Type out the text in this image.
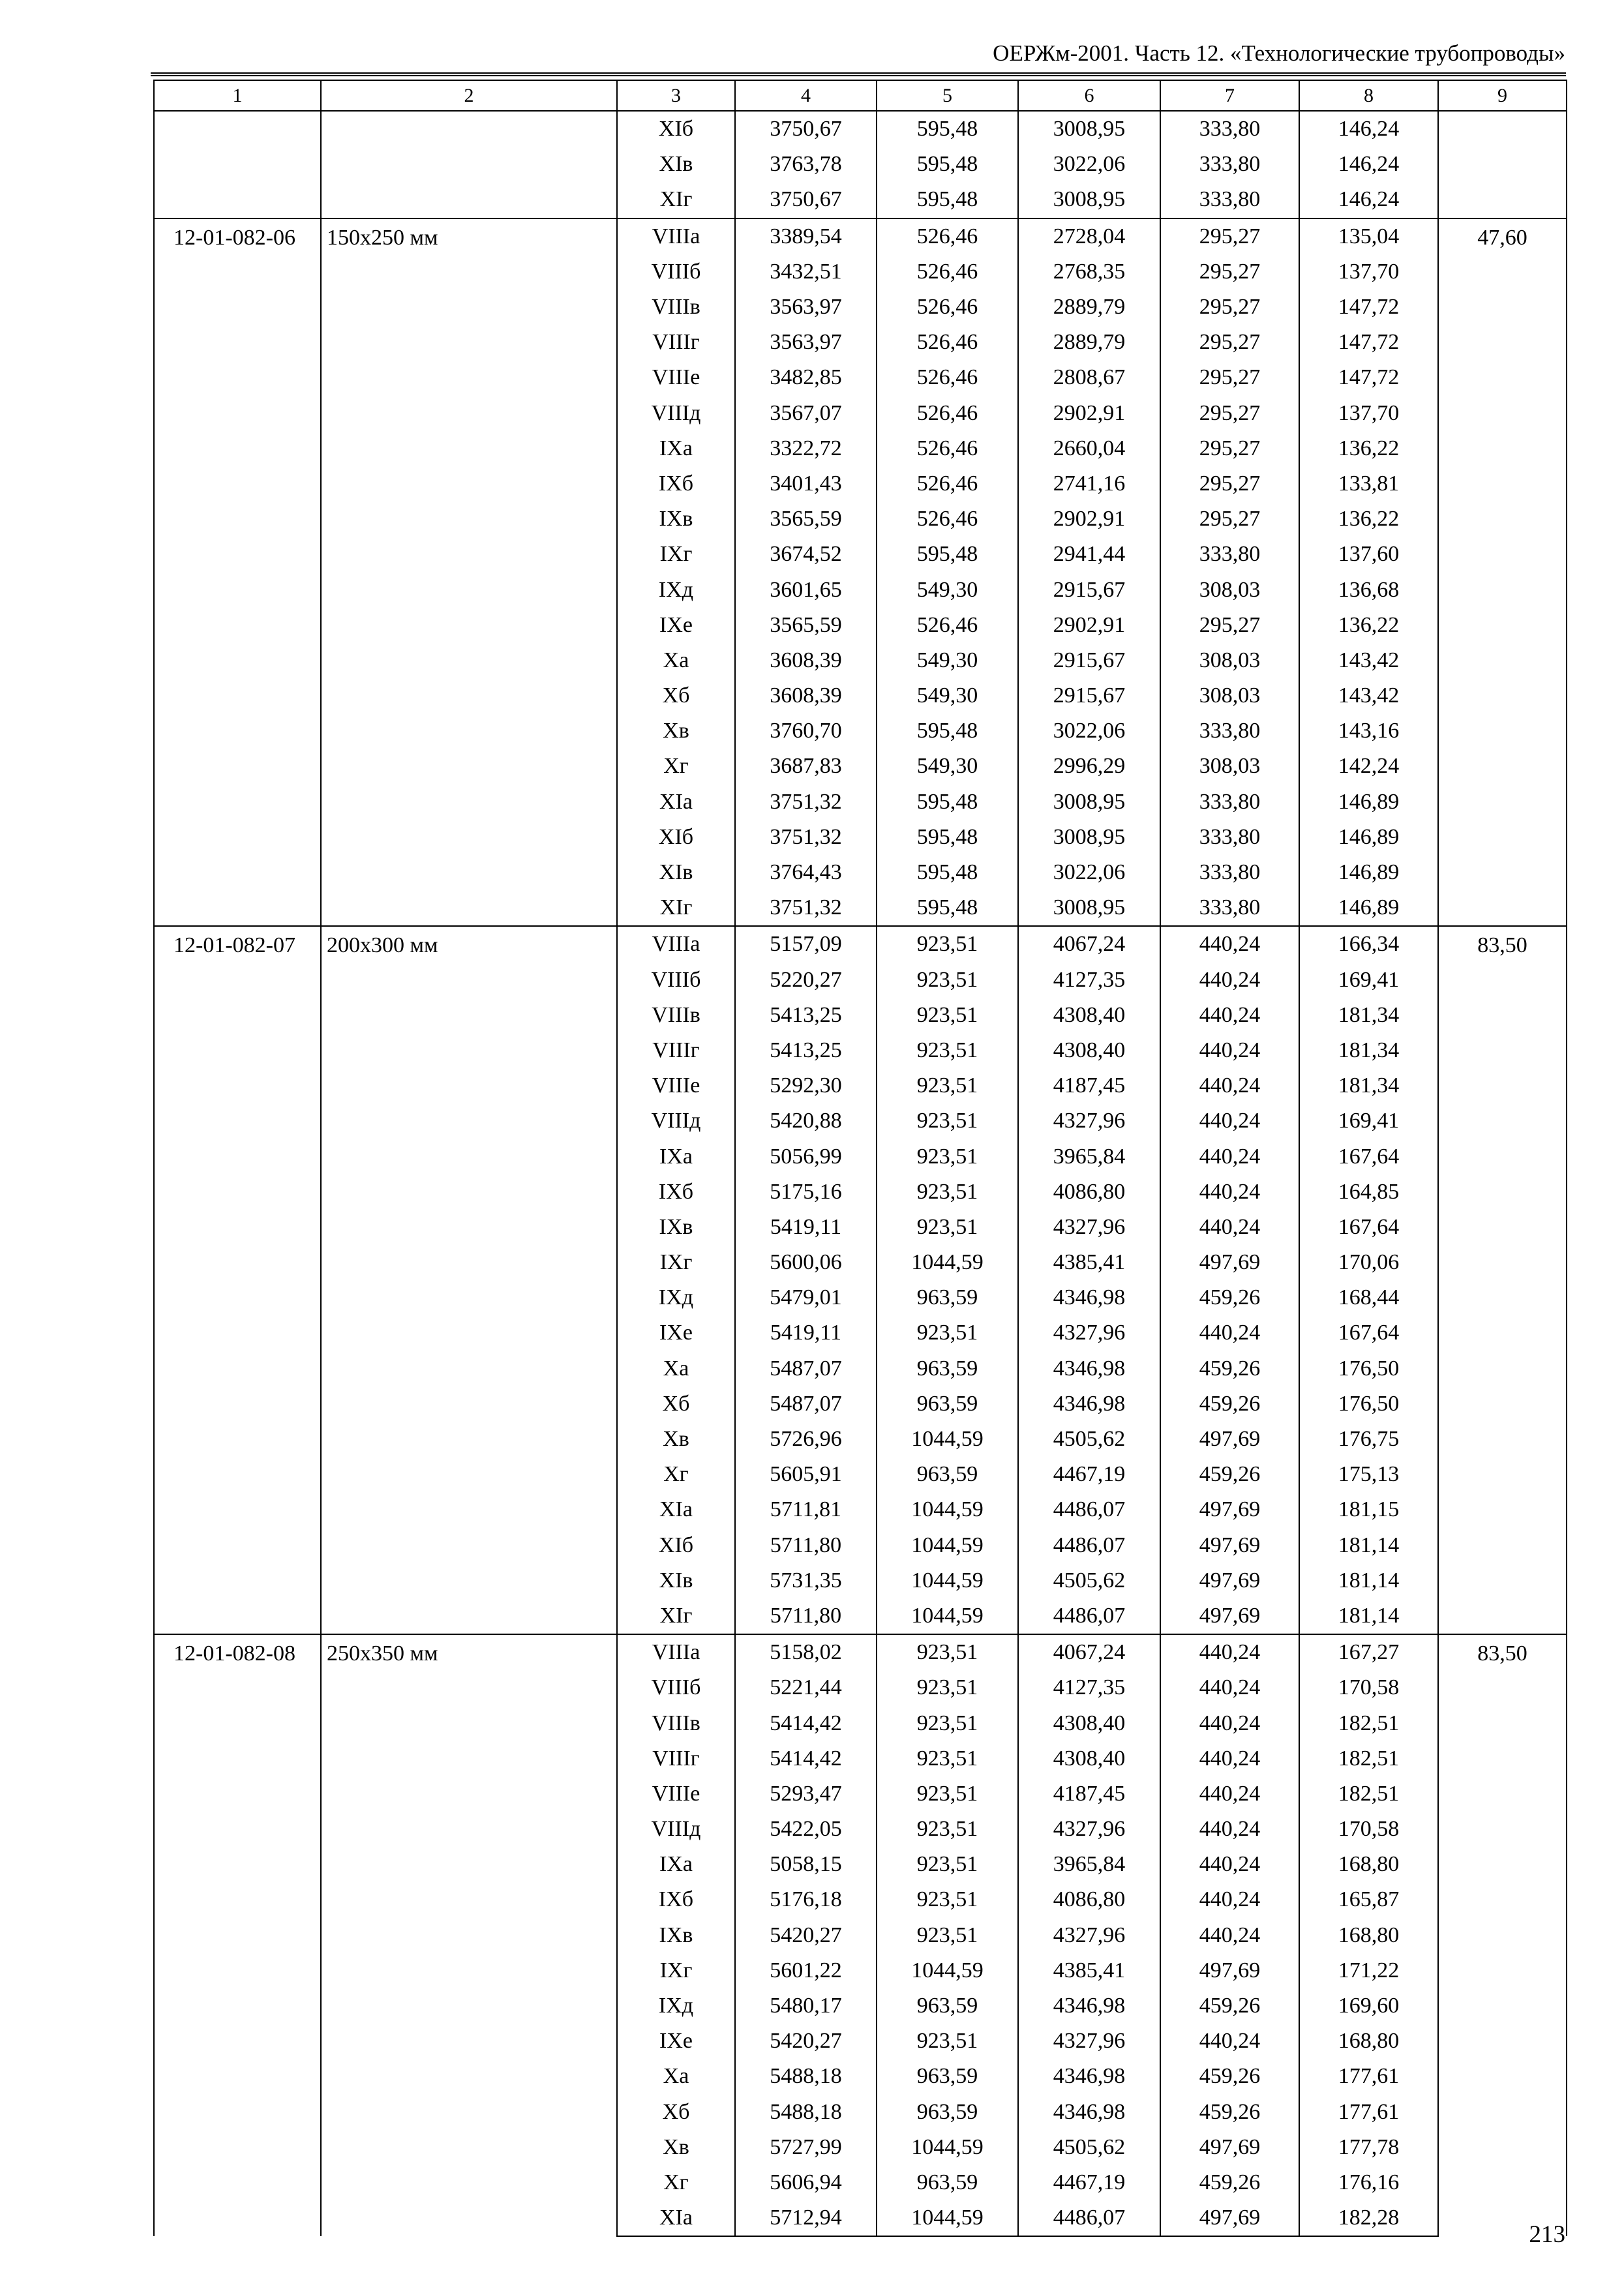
ОЕРЖм-2001. Часть 12. «Технологические трубопроводы»
1	2	3	4	5	6	7	8	9
		XIб	3750,67	595,48	3008,95	333,80	146,24	
		XIв	3763,78	595,48	3022,06	333,80	146,24	
		XIг	3750,67	595,48	3008,95	333,80	146,24	
12-01-082-06	150х250 мм	VIIIа	3389,54	526,46	2728,04	295,27	135,04	47,60
		VIIIб	3432,51	526,46	2768,35	295,27	137,70	
		VIIIв	3563,97	526,46	2889,79	295,27	147,72	
		VIIIг	3563,97	526,46	2889,79	295,27	147,72	
		VIIIе	3482,85	526,46	2808,67	295,27	147,72	
		VIIIд	3567,07	526,46	2902,91	295,27	137,70	
		IXа	3322,72	526,46	2660,04	295,27	136,22	
		IXб	3401,43	526,46	2741,16	295,27	133,81	
		IXв	3565,59	526,46	2902,91	295,27	136,22	
		IXг	3674,52	595,48	2941,44	333,80	137,60	
		IXд	3601,65	549,30	2915,67	308,03	136,68	
		IXе	3565,59	526,46	2902,91	295,27	136,22	
		Xа	3608,39	549,30	2915,67	308,03	143,42	
		Xб	3608,39	549,30	2915,67	308,03	143,42	
		Xв	3760,70	595,48	3022,06	333,80	143,16	
		Xг	3687,83	549,30	2996,29	308,03	142,24	
		XIа	3751,32	595,48	3008,95	333,80	146,89	
		XIб	3751,32	595,48	3008,95	333,80	146,89	
		XIв	3764,43	595,48	3022,06	333,80	146,89	
		XIг	3751,32	595,48	3008,95	333,80	146,89	
12-01-082-07	200х300 мм	VIIIа	5157,09	923,51	4067,24	440,24	166,34	83,50
		VIIIб	5220,27	923,51	4127,35	440,24	169,41	
		VIIIв	5413,25	923,51	4308,40	440,24	181,34	
		VIIIг	5413,25	923,51	4308,40	440,24	181,34	
		VIIIе	5292,30	923,51	4187,45	440,24	181,34	
		VIIIд	5420,88	923,51	4327,96	440,24	169,41	
		IXа	5056,99	923,51	3965,84	440,24	167,64	
		IXб	5175,16	923,51	4086,80	440,24	164,85	
		IXв	5419,11	923,51	4327,96	440,24	167,64	
		IXг	5600,06	1044,59	4385,41	497,69	170,06	
		IXд	5479,01	963,59	4346,98	459,26	168,44	
		IXе	5419,11	923,51	4327,96	440,24	167,64	
		Xа	5487,07	963,59	4346,98	459,26	176,50	
		Xб	5487,07	963,59	4346,98	459,26	176,50	
		Xв	5726,96	1044,59	4505,62	497,69	176,75	
		Xг	5605,91	963,59	4467,19	459,26	175,13	
		XIа	5711,81	1044,59	4486,07	497,69	181,15	
		XIб	5711,80	1044,59	4486,07	497,69	181,14	
		XIв	5731,35	1044,59	4505,62	497,69	181,14	
		XIг	5711,80	1044,59	4486,07	497,69	181,14	
12-01-082-08	250х350 мм	VIIIа	5158,02	923,51	4067,24	440,24	167,27	83,50
		VIIIб	5221,44	923,51	4127,35	440,24	170,58	
		VIIIв	5414,42	923,51	4308,40	440,24	182,51	
		VIIIг	5414,42	923,51	4308,40	440,24	182,51	
		VIIIе	5293,47	923,51	4187,45	440,24	182,51	
		VIIIд	5422,05	923,51	4327,96	440,24	170,58	
		IXа	5058,15	923,51	3965,84	440,24	168,80	
		IXб	5176,18	923,51	4086,80	440,24	165,87	
		IXв	5420,27	923,51	4327,96	440,24	168,80	
		IXг	5601,22	1044,59	4385,41	497,69	171,22	
		IXд	5480,17	963,59	4346,98	459,26	169,60	
		IXе	5420,27	923,51	4327,96	440,24	168,80	
		Xа	5488,18	963,59	4346,98	459,26	177,61	
		Xб	5488,18	963,59	4346,98	459,26	177,61	
		Xв	5727,99	1044,59	4505,62	497,69	177,78	
		Xг	5606,94	963,59	4467,19	459,26	176,16	
		XIа	5712,94	1044,59	4486,07	497,69	182,28	
213
